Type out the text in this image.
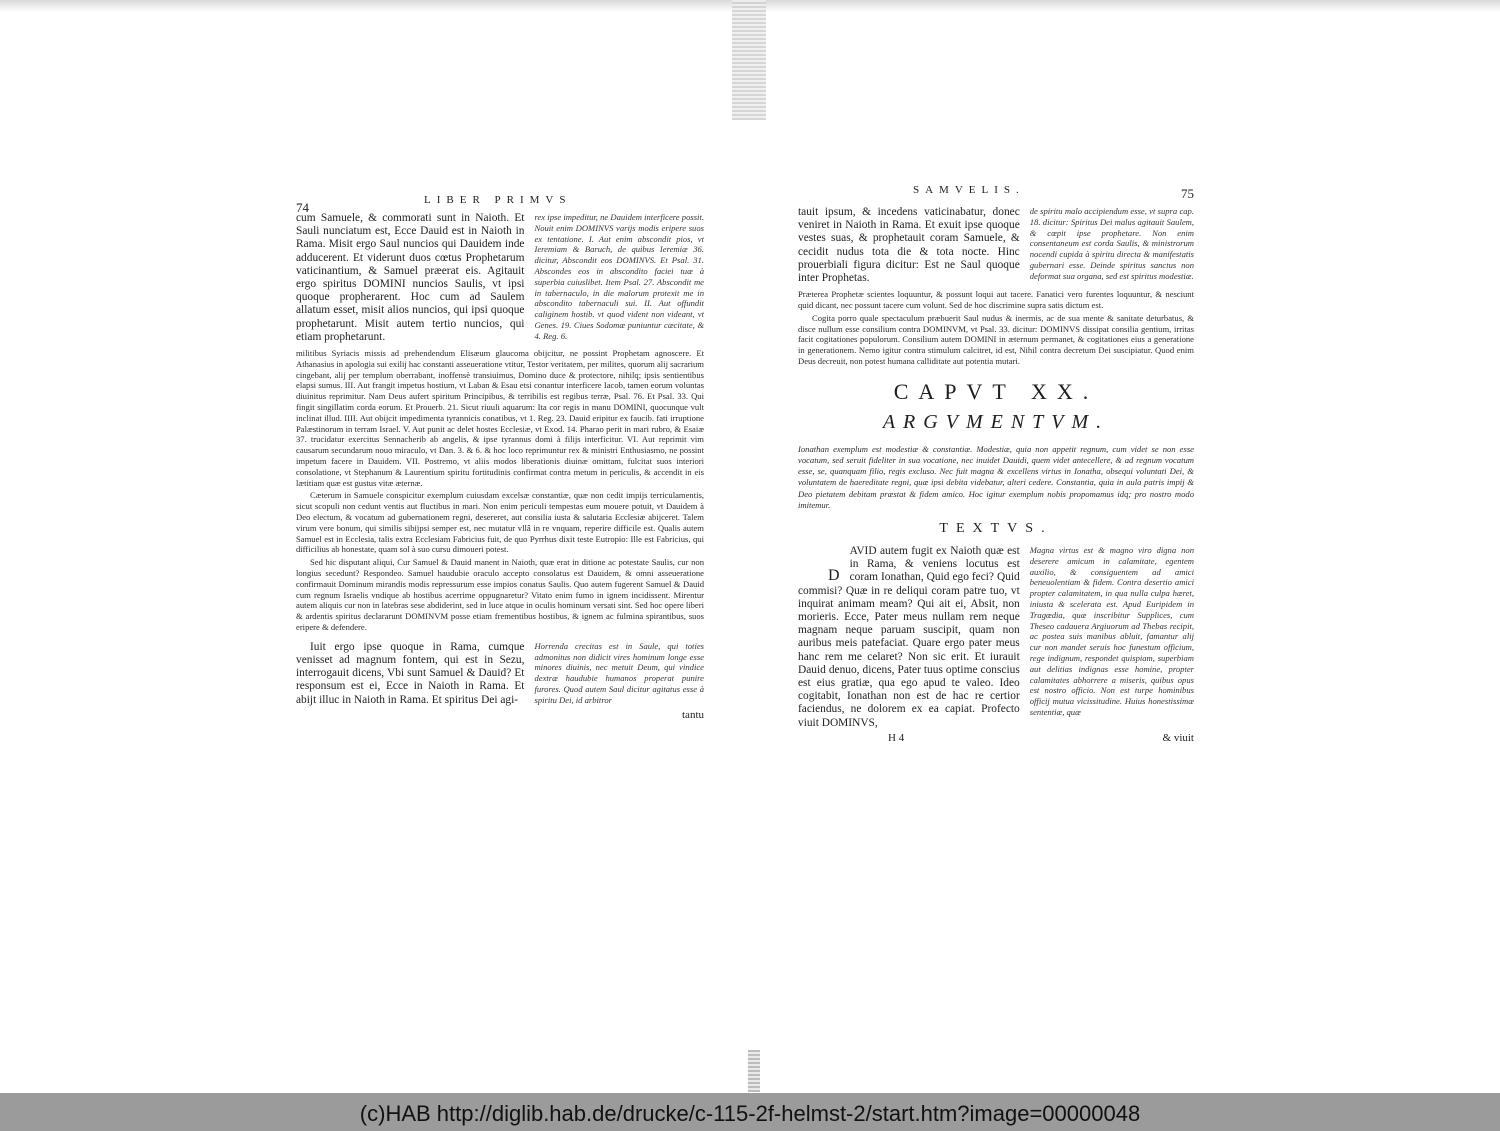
74	LIBER PRIMVS
cum Samuele, & commorati sunt in Naioth. Et Sauli nunciatum est, Ecce Dauid est in Naioth in Rama. Misit ergo Saul nuncios qui Dauidem inde adducerent. Et viderunt duos cœtus Prophetarum vaticinantium, & Samuel præerat eis. Agitauit ergo spiritus DOMINI nuncios Saulis, vt ipsi quoque propherarent. Hoc cum ad Saulem allatum esset, misit alios nuncios, qui ipsi quoque prophetarunt. Misit autem tertio nuncios, qui etiam prophetarunt.
rex ipse impeditur, ne Dauidem interficere possit. Nouit enim DOMINVS varijs modis eripere suos ex tentatione. I. Aut enim abscondit pios, vt Ieremiam & Baruch, de quibus Ieremiæ 36. dicitur, Abscondit eos DOMINVS. Et Psal. 31. Abscondes eos in abscondito faciei tuæ à superbia cuiuslibet. Item Psal. 27. Abscondit me in tabernaculo, in die malorum protexit me in abscondito tabernaculi sui. II. Aut offundit caliginem hostib. vt quod vident non videant, vt Genes. 19. Ciues Sodomæ puniuntur cæcitate, & 4. Reg. 6.

militibus Syriacis missis ad prehendendum Elisæum glaucoma obijcitur, ne possint Prophetam agnoscere. Et Athanasius in apologia sui exilij hac constanti asseueratione vtitur, Testor veritatem, per milites, quorum alij sacrarium cingebant, alij per templum oberrabant, inoffensè transiuimus, Domino duce & protectore, nihilq; ipsis sentientibus elapsi sumus. III. Aut frangit impetus hostium, vt Laban & Esau etsi conantur interficere Iacob, tamen eorum voluntas diuinitus reprimitur. Nam Deus aufert spiritum Principibus, & terribilis est regibus terræ, Psal. 76. Et Psal. 33. Qui fingit singillatim corda eorum. Et Prouerb. 21. Sicut riuuli aquarum: Ita cor regis in manu DOMINI, quocunque vult inclinat illud. IIII. Aut obijcit impedimenta tyrannicis conatibus, vt 1. Reg. 23. Dauid eripitur ex faucib. fati irruptione Palæstinorum in terram Israel. V. Aut punit ac delet hostes Ecclesiæ, vt Exod. 14. Pharao perit in mari rubro, & Esaiæ 37. trucidatur exercitus Sennacherib ab angelis, & ipse tyrannus domi à filijs interficitur. VI. Aut reprimit vim causarum secundarum nouo miraculo, vt Dan. 3. & 6. & hoc loco reprimuntur rex & ministri Enthusiasmo, ne possint impetum facere in Dauidem. VII. Postremo, vt aliis modos liberationis diuinæ omittam, fulcitat suos interiori consolatione, vt Stephanum & Laurentium spiritu fortitudinis confirmat contra metum in periculis, & accendit in eis lætitiam quæ est gustus vitæ æternæ.

Cæterum in Samuele conspicitur exemplum cuiusdam excelsæ constantiæ, quæ non cedit impijs terriculamentis, sicut scopuli non cedunt ventis aut fluctibus in mari. Non enim periculi tempestas eum mouere potuit, vt Dauidem à Deo electum, & vocatum ad gubernationem regni, desereret, aut consilia iusta & salutaria Ecclesiæ abijceret. Talem virum vere bonum, qui similis sibijpsi semper est, nec mutatur vllâ in re vnquam, reperire difficile est. Qualis autem Samuel est in Ecclesia, talis extra Ecclesiam Fabricius fuit, de quo Pyrrhus dixit teste Eutropio: Ille est Fabricius, qui difficilius ab honestate, quam sol à suo cursu dimoueri potest.

Sed hic disputant aliqui, Cur Samuel & Dauid manent in Naioth, quæ erat in ditione ac potestate Saulis, cur non longius secedunt? Respondeo. Samuel haudubie oraculo accepto consolatus est Dauidem, & omni asseueratione confirmauit Dominum mirandis modis repressurum esse impios conatus Saulis. Quo autem fugerent Samuel & Dauid cum regnum Israelis vndique ab hostibus acerrime oppugnaretur? Vitato enim fumo in ignem incidissent. Mirentur autem aliquis cur non in latebras sese abdiderint, sed in luce atque in oculis hominum versati sint. Sed hoc opere liberi & ardentis spiritus declararunt DOMINVM posse etiam frementibus hostibus, & ignem ac fulmina spirantibus, suos eripere & defendere.

Iuit ergo ipse quoque in Rama, cumque venisset ad magnum fontem, qui est in Sezu, interrogauit dicens, Vbi sunt Samuel & Dauid? Et responsum est ei, Ecce in Naioth in Rama. Et abijt illuc in Naioth in Rama. Et spiritus Dei agi-
Horrenda crecitas est in Saule, qui toties admonitus non didicit vires hominum longe esse minores diuinis, nec metuit Deum, qui vindice dextræ haudubie humanos properat punire furores. Quod autem Saul dicitur agitatus esse à spiritu Dei, id arbitror
tantu
SAMVELIS.	75
tauit ipsum, & incedens vaticinabatur, donec veniret in Naioth in Rama. Et exuit ipse quoque vestes suas, & prophetauit coram Samuele, & cecidit nudus tota die & tota nocte. Hinc prouerbiali figura dicitur: Est ne Saul quoque inter Prophetas.
de spiritu malo accipiendum esse, vt supra cap. 18. dicitur: Spiritus Dei malus agitauit Saulem, & cœpit ipse prophetare. Non enim consentaneum est corda Saulis, & ministrorum nocendi cupida à spiritu directa & manifestatis gubernari esse. Deinde spiritus sanctus non deformat sua organa, sed est spiritus modestiæ.

Præterea Prophetæ scientes loquuntur, & possunt loqui aut tacere. Fanatici vero furentes loquuntur, & nesciunt quid dicant, nec possunt tacere cum volunt. Sed de hoc discrimine supra satis dictum est.

Cogita porro quale spectaculum præbuerit Saul nudus & inermis, ac de sua mente & sanitate deturbatus, & disce nullum esse consilium contra DOMINVM, vt Psal. 33. dicitur: DOMINVS dissipat consilia gentium, irritas facit cogitationes populorum. Consilium autem DOMINI in æternum permanet, & cogitationes eius a generatione in generationem. Nemo igitur contra stimulum calcitret, id est, Nihil contra decretum Dei suscipiatur. Quod enim Deus decreuit, non potest humana calliditate aut potentia mutari.

CAPVT XX.
ARGVMENTVM.
Ionathan exemplum est modestiæ & constantiæ. Modestiæ, quia non appetit regnum, cum videt se non esse vocatum, sed seruit fideliter in sua vocatione, nec inuidet Dauidi, quem videt antecellere, & ad regnum vocatum esse, se, quanquam filio, regis excluso. Nec fuit magna & excellens virtus in Ionatha, obsequi voluntati Dei, & voluntatem de haereditate regni, quæ ipsi debita videbatur, alteri cedere. Constantia, quia in aula patris impij & Deo pietatem debitam præstat & fidem amico. Hoc igitur exemplum nobis propomamus idq; pro nostro modo imitemur.
TEXTVS.
D
AVID autem fugit ex Naioth quæ est in Rama, & veniens locutus est coram Ionathan, Quid ego feci? Quid commisi? Quæ in re deliqui coram patre tuo, vt inquirat animam meam? Qui ait ei, Absit, non morieris. Ecce, Pater meus nullam rem neque magnam neque paruam suscipit, quam non auribus meis patefaciat. Quare ergo pater meus hanc rem me celaret? Non sic erit. Et iurauit Dauid denuo, dicens, Pater tuus optime conscius est eius gratiæ, qua ego apud te valeo. Ideo cogitabit, Ionathan non est de hac re certior faciendus, ne dolorem ex ea capiat. Profecto viuit DOMINVS,
Magna virtus est & magno viro digna non deserere amicum in calamitate, egentem auxilio, & consiguentem ad amici beneuolentiam & fidem. Contra desertio amici propter calamitatem, in qua nulla culpa hæret, iniusta & scelerata est. Apud Euripidem in Tragœdia, quæ inscribitur Supplices, cum Theseo cadauera Argiuorum ad Thebas recipit, ac postea suis manibus abluit, famantur alij cur non mandet seruis hoc funestum officium, rege indignum, respondet quispiam, superbiam aut delitias indignas esse homine, propter calamitates abhorrere a miseris, quibus opus est nostro officio. Non est turpe hominibus officij mutua vicissitudine. Huius honestissimæ sententiæ, quæ
H 4	& viuit
(c)HAB http://diglib.hab.de/drucke/c-115-2f-helmst-2/start.htm?image=00000048
